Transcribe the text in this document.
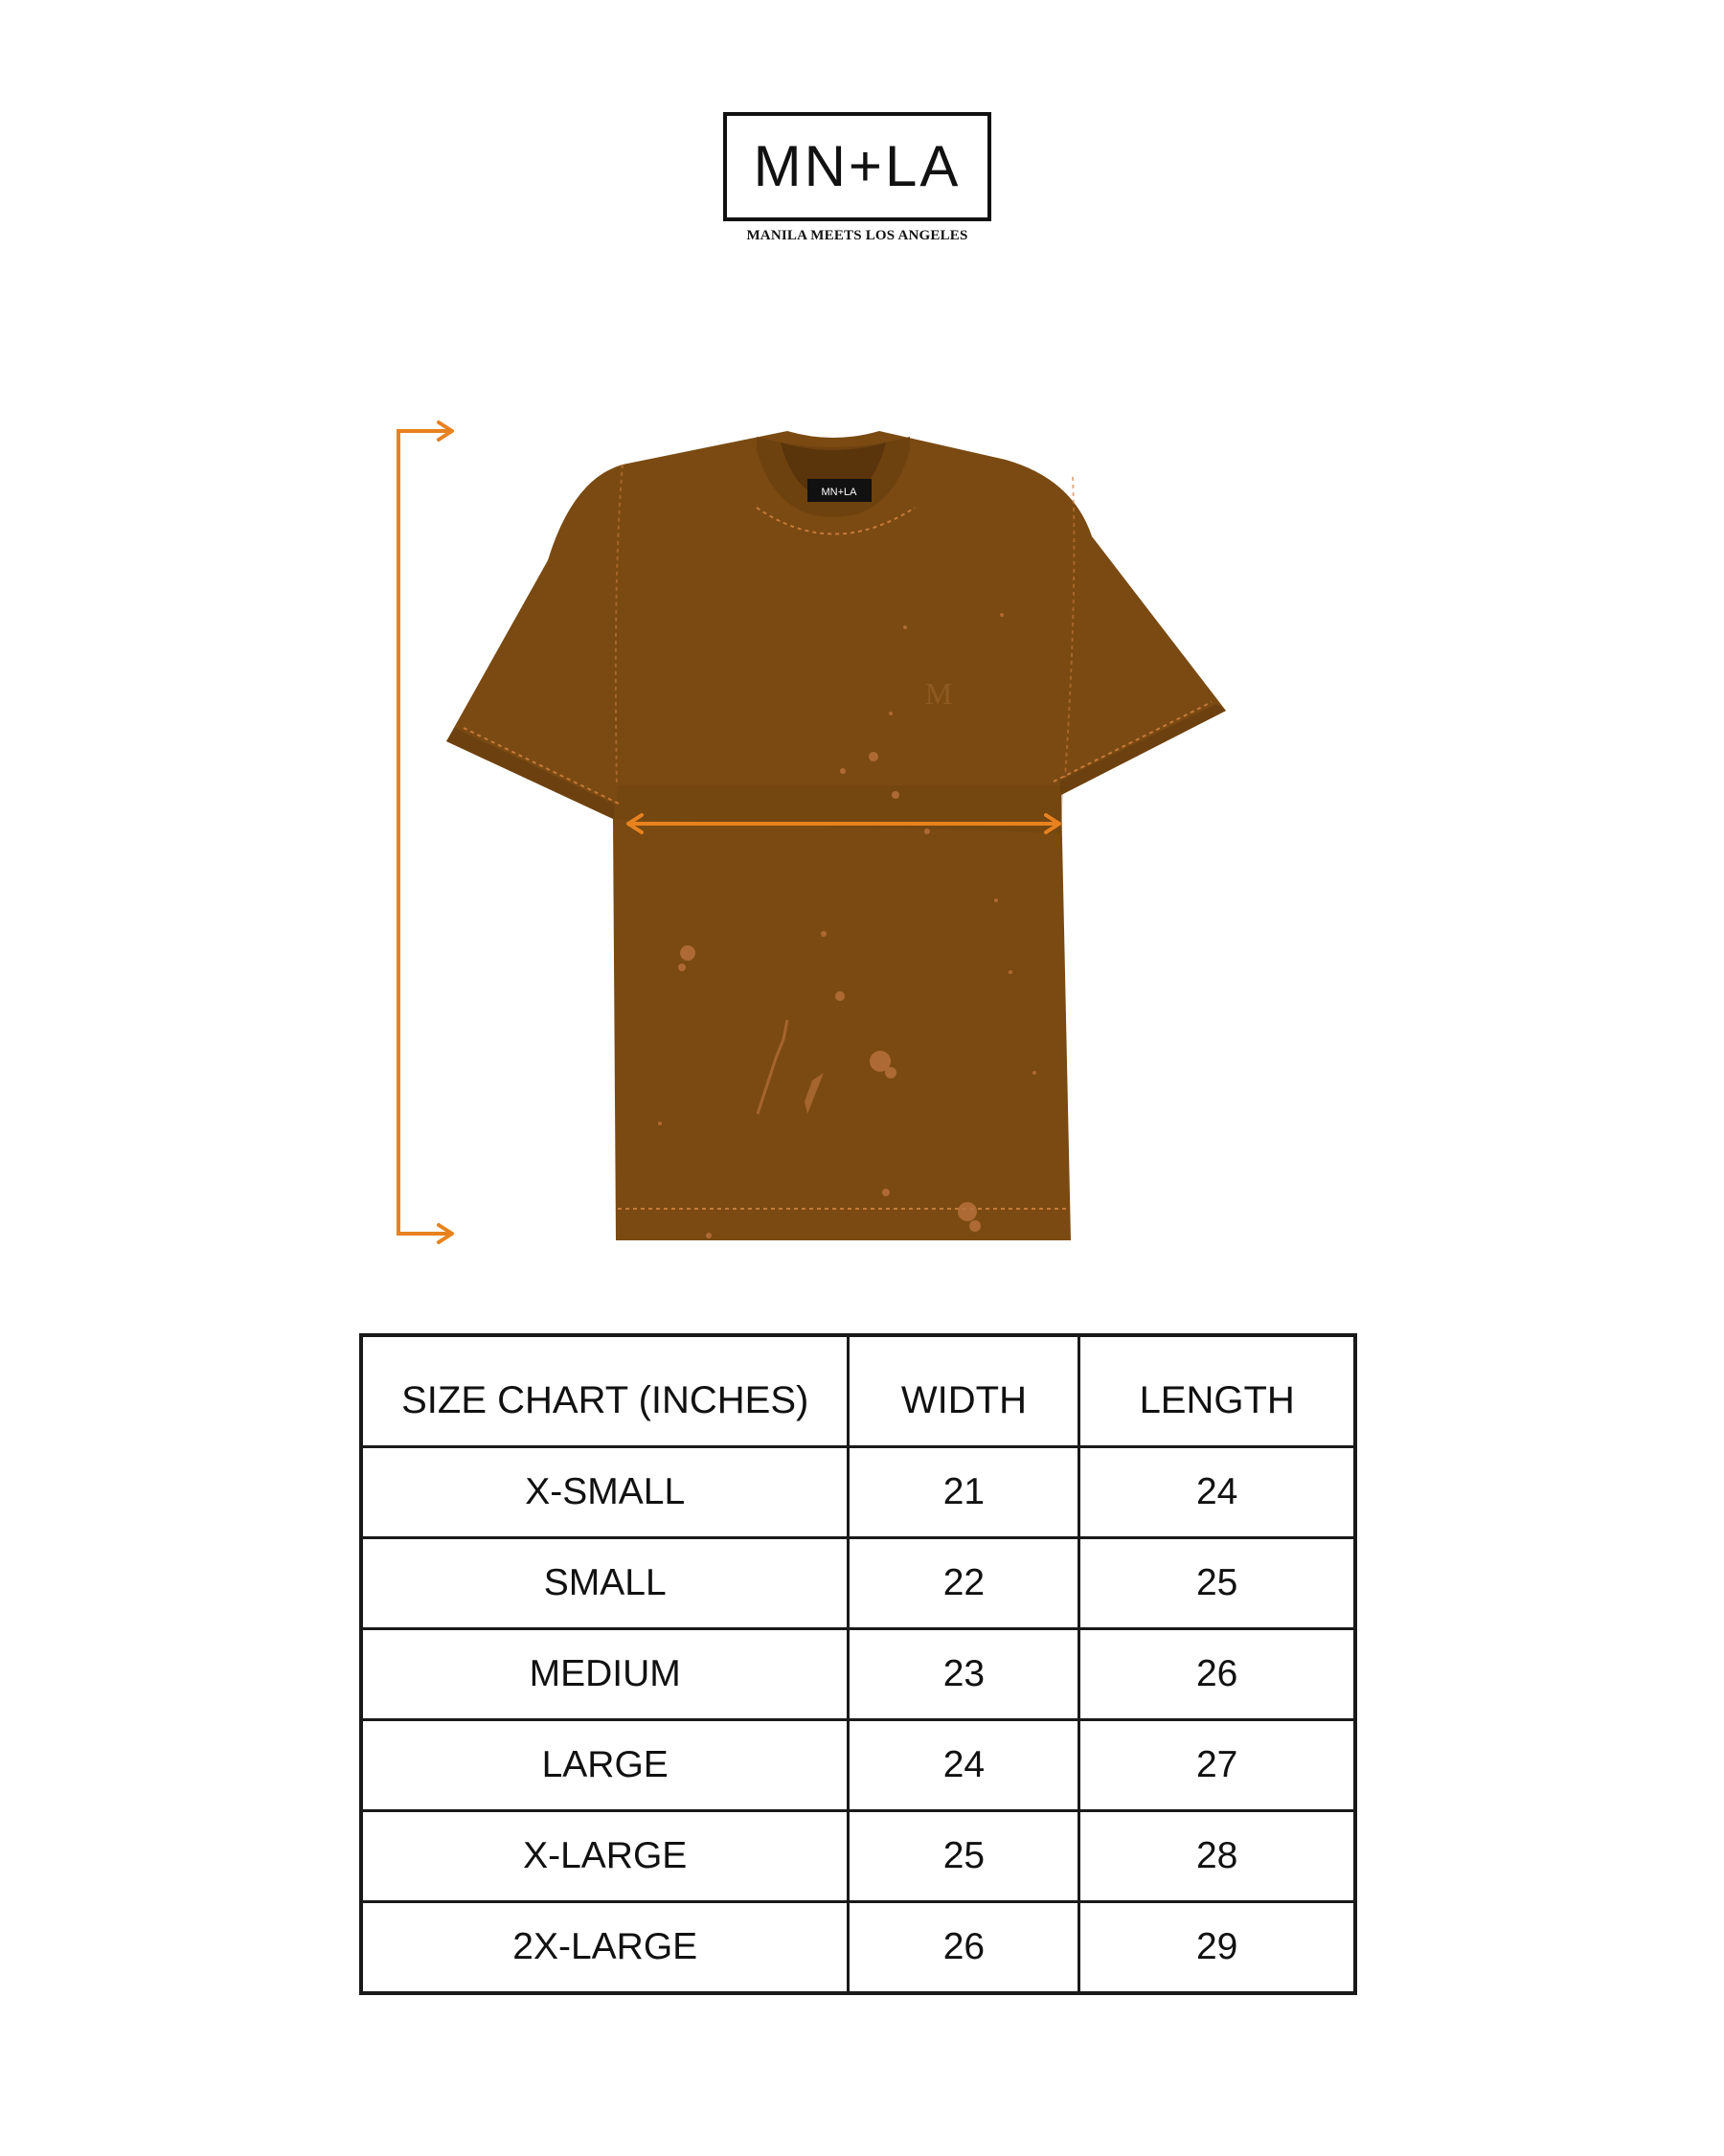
MN+LA
MANILA MEETS LOS ANGELES
MN+LA
M
SIZE CHART (INCHES)	WIDTH	LENGTH
X-SMALL	21	24
SMALL	22	25
MEDIUM	23	26
LARGE	24	27
X-LARGE	25	28
2X-LARGE	26	29
